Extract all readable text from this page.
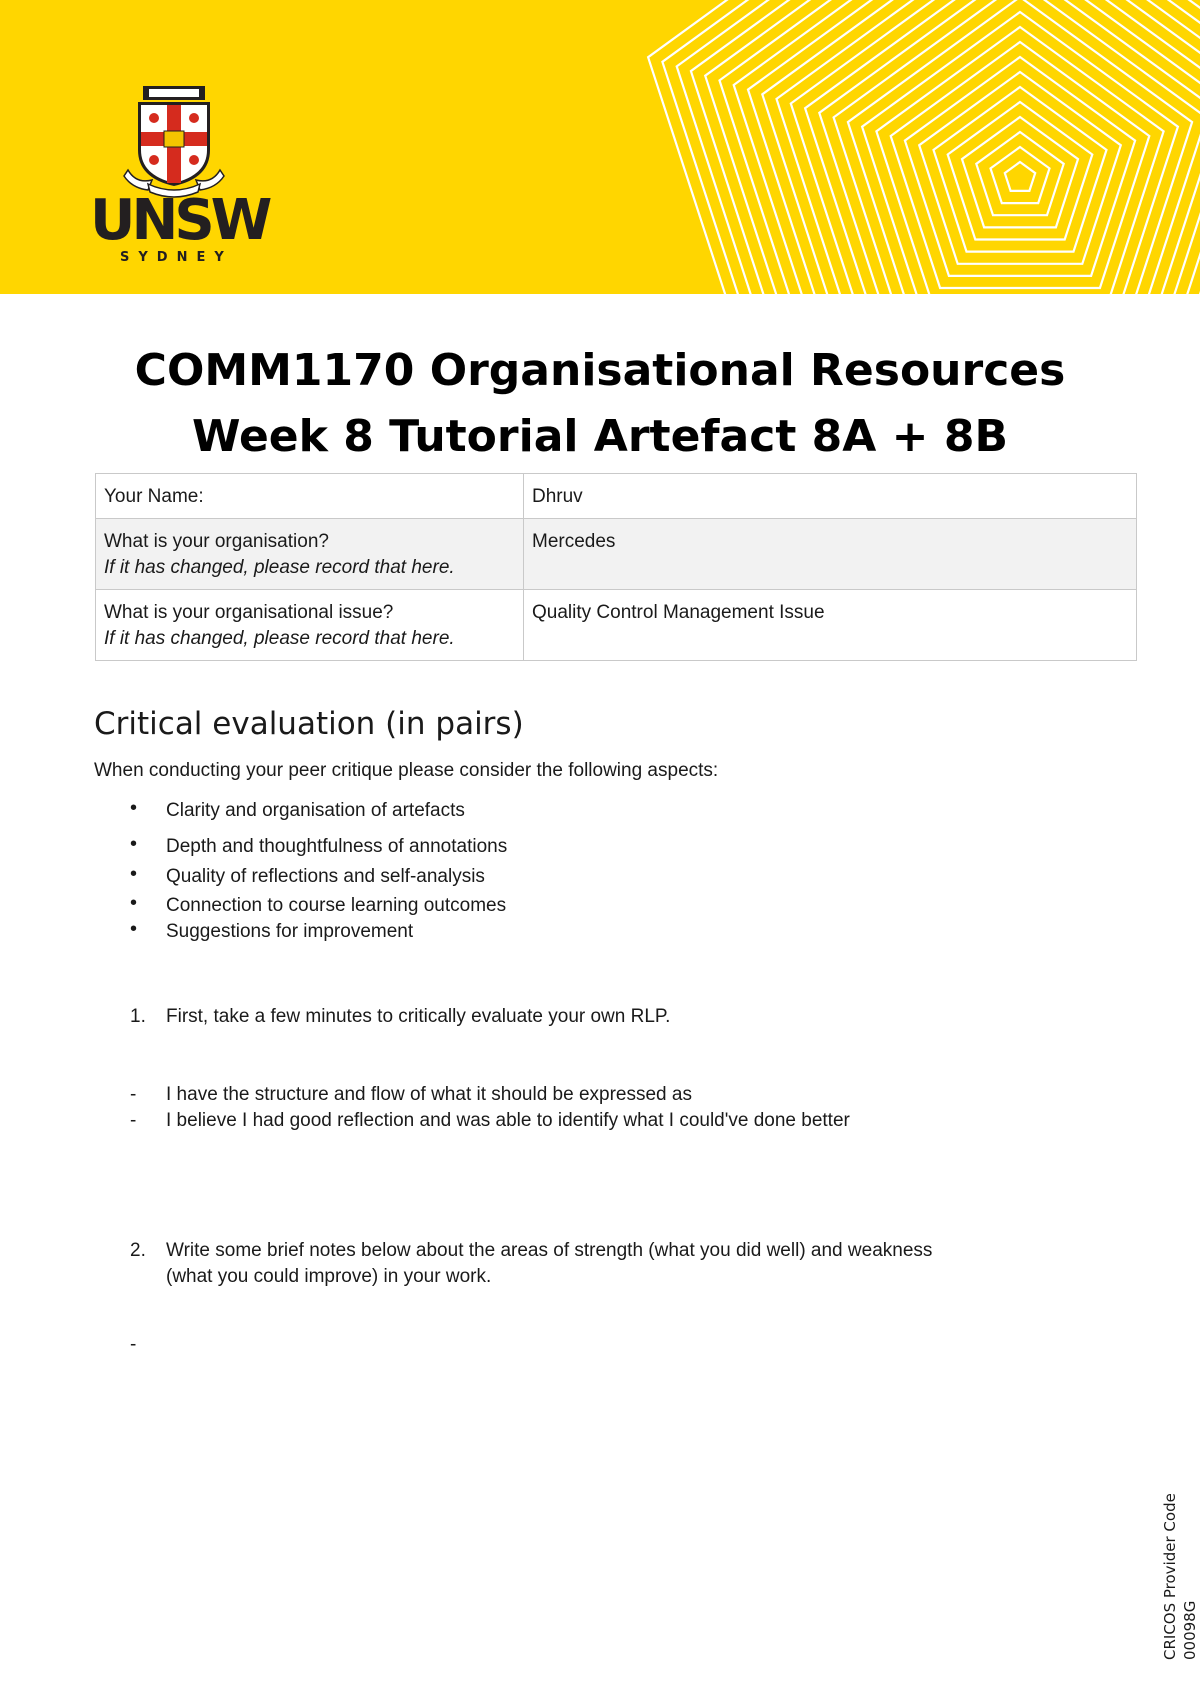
UNSW
SYDNEY
COMM1170 Organisational Resources
Week 8 Tutorial Artefact 8A + 8B
Your Name:	Dhruv

What is your organisation?
If it has changed, please record that here.	Mercedes

What is your organisational issue?
If it has changed, please record that here.	Quality Control Management Issue
Critical evaluation (in pairs)
When conducting your peer critique please consider the following aspects:
• Clarity and organisation of artefacts
• Depth and thoughtfulness of annotations
• Quality of reflections and self-analysis
• Connection to course learning outcomes
• Suggestions for improvement
1. First, take a few minutes to critically evaluate your own RLP.
- I have the structure and flow of what it should be expressed as
- I believe I had good reflection and was able to identify what I could've done better
2. Write some brief notes below about the areas of strength (what you did well) and weakness
(what you could improve) in your work.
-
CRICOS Provider Code 00098G
